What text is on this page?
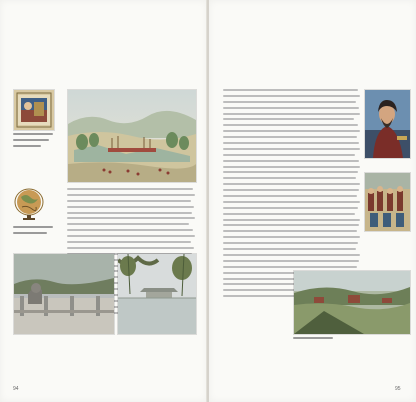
94	95
